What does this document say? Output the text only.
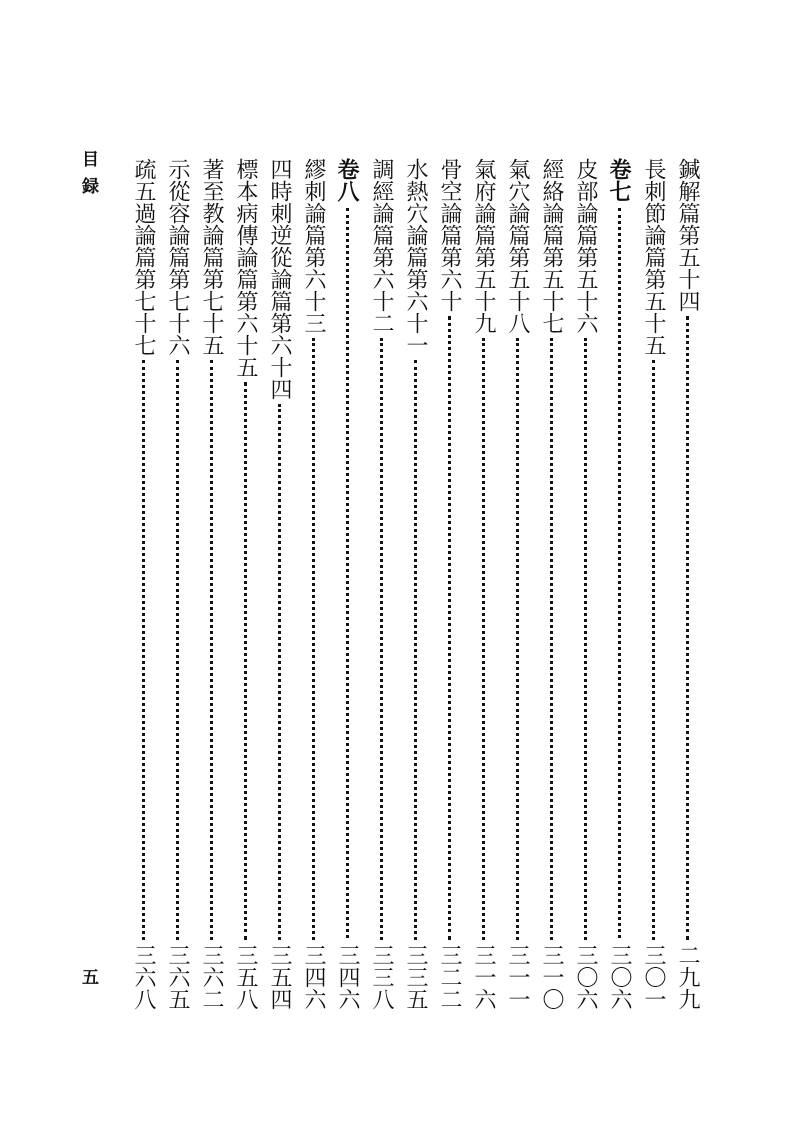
目録
五
鍼解篇第五十四
二九九
長刺節論篇第五十五
三〇一
卷七
三〇六
皮部論篇第五十六
三〇六
經絡論篇第五十七
三一〇
氣穴論篇第五十八
三一一
氣府論篇第五十九
三一六
骨空論篇第六十
三二二
水熱穴論篇第六十一
三三五
調經論篇第六十二
三三八
卷八
三四六
繆刺論篇第六十三
三四六
四時刺逆從論篇第六十四
三五四
標本病傳論篇第六十五
三五八
著至教論篇第七十五
三六二
示從容論篇第七十六
三六五
疏五過論篇第七十七
三六八
